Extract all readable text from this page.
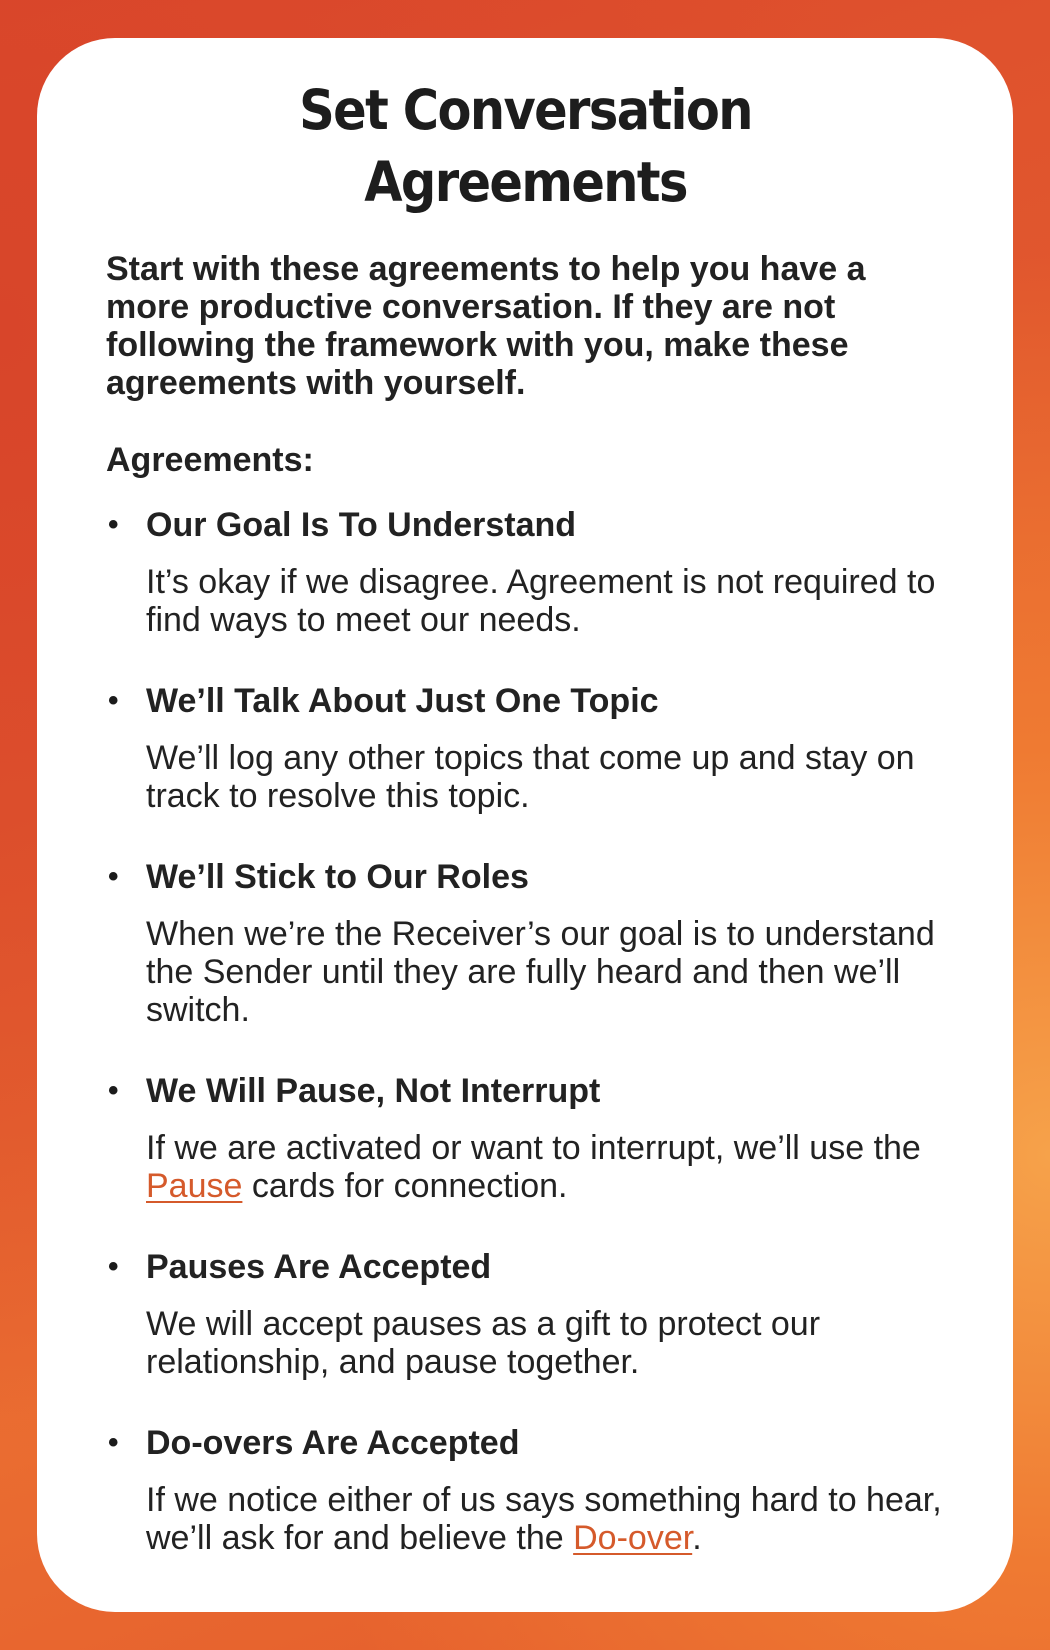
Set Conversation Agreements

Start with these agreements to help you have a more productive conversation. If they are not following the framework with you, make these agreements with yourself.

Agreements:

• Our Goal Is To Understand

It’s okay if we disagree. Agreement is not required to find ways to meet our needs.

• We’ll Talk About Just One Topic

We’ll log any other topics that come up and stay on track to resolve this topic.

• We’ll Stick to Our Roles

When we’re the Receiver’s our goal is to understand the Sender until they are fully heard and then we’ll switch.

• We Will Pause, Not Interrupt

If we are activated or want to interrupt, we’ll use the Pause cards for connection.

• Pauses Are Accepted

We will accept pauses as a gift to protect our relationship, and pause together.

• Do-overs Are Accepted

If we notice either of us says something hard to hear, we’ll ask for and believe the Do-over.
